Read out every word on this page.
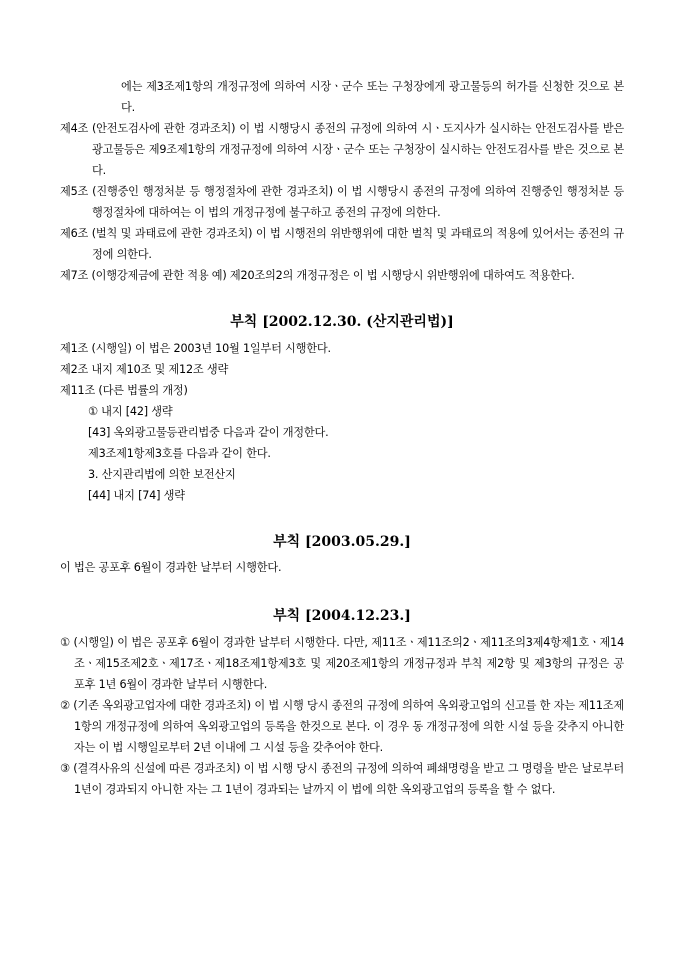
에는 제3조제1항의 개정규정에 의하여 시장ㆍ군수 또는 구청장에게 광고물등의 허가를 신청한 것으로 본다.

제4조 (안전도검사에 관한 경과조치) 이 법 시행당시 종전의 규정에 의하여 시ㆍ도지사가 실시하는 안전도검사를 받은 광고물등은 제9조제1항의 개정규정에 의하여 시장ㆍ군수 또는 구청장이 실시하는 안전도검사를 받은 것으로 본다.

제5조 (진행중인 행정처분 등 행정절차에 관한 경과조치) 이 법 시행당시 종전의 규정에 의하여 진행중인 행정처분 등 행정절차에 대하여는 이 법의 개정규정에 불구하고 종전의 규정에 의한다.

제6조 (벌칙 및 과태료에 관한 경과조치) 이 법 시행전의 위반행위에 대한 벌칙 및 과태료의 적용에 있어서는 종전의 규정에 의한다.

제7조 (이행강제금에 관한 적용 예) 제20조의2의 개정규정은 이 법 시행당시 위반행위에 대하여도 적용한다.

부칙 [2002.12.30. (산지관리법)]

제1조 (시행일) 이 법은 2003년 10월 1일부터 시행한다.

제2조 내지 제10조 및 제12조 생략

제11조 (다른 법률의 개정)

① 내지 [42] 생략

[43] 옥외광고물등관리법중 다음과 같이 개정한다.

제3조제1항제3호를 다음과 같이 한다.

3. 산지관리법에 의한 보전산지

[44] 내지 [74] 생략

부칙 [2003.05.29.]

이 법은 공포후 6월이 경과한 날부터 시행한다.

부칙 [2004.12.23.]

① (시행일) 이 법은 공포후 6월이 경과한 날부터 시행한다. 다만, 제11조ㆍ제11조의2ㆍ제11조의3제4항제1호ㆍ제14조ㆍ제15조제2호ㆍ제17조ㆍ제18조제1항제3호 및 제20조제1항의 개정규정과 부칙 제2항 및 제3항의 규정은 공포후 1년 6월이 경과한 날부터 시행한다.

② (기존 옥외광고업자에 대한 경과조치) 이 법 시행 당시 종전의 규정에 의하여 옥외광고업의 신고를 한 자는 제11조제1항의 개정규정에 의하여 옥외광고업의 등록을 한것으로 본다. 이 경우 동 개정규정에 의한 시설 등을 갖추지 아니한 자는 이 법 시행일로부터 2년 이내에 그 시설 등을 갖추어야 한다.

③ (결격사유의 신설에 따른 경과조치) 이 법 시행 당시 종전의 규정에 의하여 폐쇄명령을 받고 그 명령을 받은 날로부터 1년이 경과되지 아니한 자는 그 1년이 경과되는 날까지 이 법에 의한 옥외광고업의 등록을 할 수 없다.
